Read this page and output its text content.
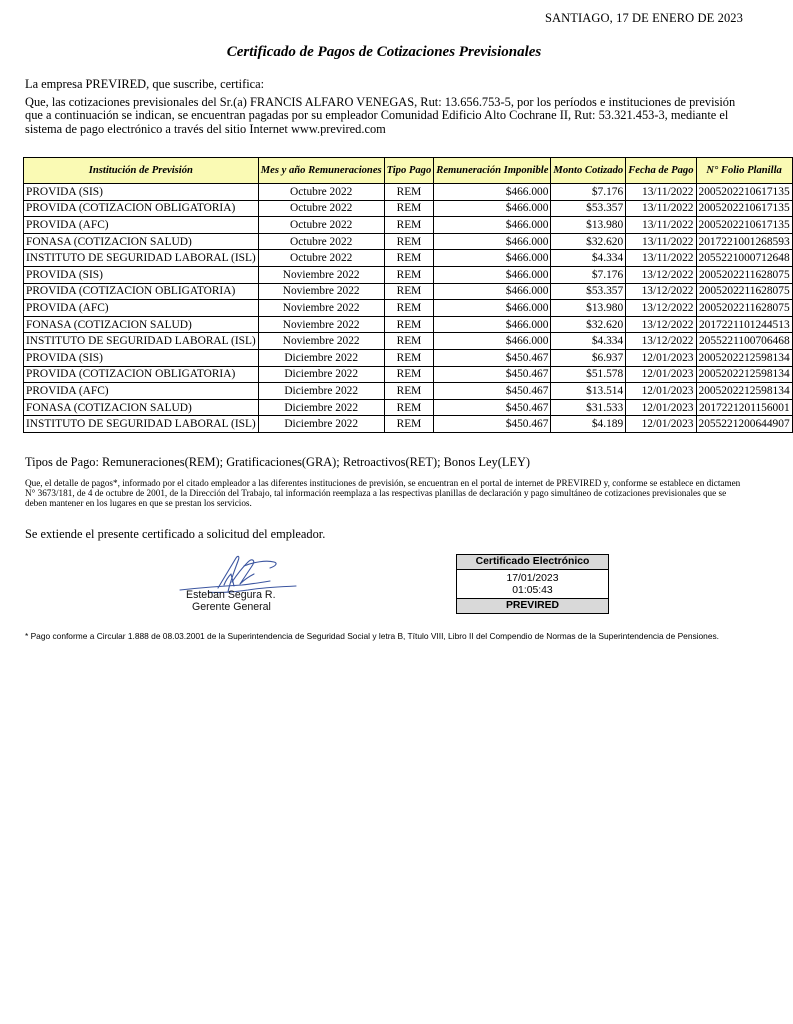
SANTIAGO, 17 DE ENERO DE 2023
Certificado de Pagos de Cotizaciones Previsionales

La empresa PREVIRED, que suscribe, certifica:

Que, las cotizaciones previsionales del Sr.(a) FRANCIS ALFARO VENEGAS, Rut: 13.656.753-5, por los períodos e instituciones de previsión que a continuación se indican, se encuentran pagadas por su empleador Comunidad Edificio Alto Cochrane II, Rut: 53.321.453-3, mediante el sistema de pago electrónico a través del sitio Internet www.previred.com

Institución de Previsión	Mes y año Remuneraciones	Tipo Pago	Remuneración Imponible	Monto Cotizado	Fecha de Pago	N° Folio Planilla
PROVIDA (SIS)	Octubre 2022	REM	$466.000	$7.176	13/11/2022	2005202210617135
PROVIDA (COTIZACION OBLIGATORIA)	Octubre 2022	REM	$466.000	$53.357	13/11/2022	2005202210617135
PROVIDA (AFC)	Octubre 2022	REM	$466.000	$13.980	13/11/2022	2005202210617135
FONASA (COTIZACION SALUD)	Octubre 2022	REM	$466.000	$32.620	13/11/2022	2017221001268593
INSTITUTO DE SEGURIDAD LABORAL (ISL)	Octubre 2022	REM	$466.000	$4.334	13/11/2022	2055221000712648
PROVIDA (SIS)	Noviembre 2022	REM	$466.000	$7.176	13/12/2022	2005202211628075
PROVIDA (COTIZACION OBLIGATORIA)	Noviembre 2022	REM	$466.000	$53.357	13/12/2022	2005202211628075
PROVIDA (AFC)	Noviembre 2022	REM	$466.000	$13.980	13/12/2022	2005202211628075
FONASA (COTIZACION SALUD)	Noviembre 2022	REM	$466.000	$32.620	13/12/2022	2017221101244513
INSTITUTO DE SEGURIDAD LABORAL (ISL)	Noviembre 2022	REM	$466.000	$4.334	13/12/2022	2055221100706468
PROVIDA (SIS)	Diciembre 2022	REM	$450.467	$6.937	12/01/2023	2005202212598134
PROVIDA (COTIZACION OBLIGATORIA)	Diciembre 2022	REM	$450.467	$51.578	12/01/2023	2005202212598134
PROVIDA (AFC)	Diciembre 2022	REM	$450.467	$13.514	12/01/2023	2005202212598134
FONASA (COTIZACION SALUD)	Diciembre 2022	REM	$450.467	$31.533	12/01/2023	2017221201156001
INSTITUTO DE SEGURIDAD LABORAL (ISL)	Diciembre 2022	REM	$450.467	$4.189	12/01/2023	2055221200644907
Tipos de Pago: Remuneraciones(REM); Gratificaciones(GRA); Retroactivos(RET); Bonos Ley(LEY)
Que, el detalle de pagos*, informado por el citado empleador a las diferentes instituciones de previsión, se encuentran en el portal de internet de PREVIRED y, conforme se establece en dictamen N° 3673/181, de 4 de octubre de 2001, de la Dirección del Trabajo, tal información reemplaza a las respectivas planillas de declaración y pago simultáneo de cotizaciones previsionales que se deben mantener en los lugares en que se prestan los servicios.
Se extiende el presente certificado a solicitud del empleador.
Esteban Segura R.
Gerente General
Certificado Electrónico
17/01/2023
01:05:43
PREVIRED
* Pago conforme a Circular 1.888 de 08.03.2001 de la Superintendencia de Seguridad Social y letra B, Título VIII, Libro II del Compendio de Normas de la Superintendencia de Pensiones.
